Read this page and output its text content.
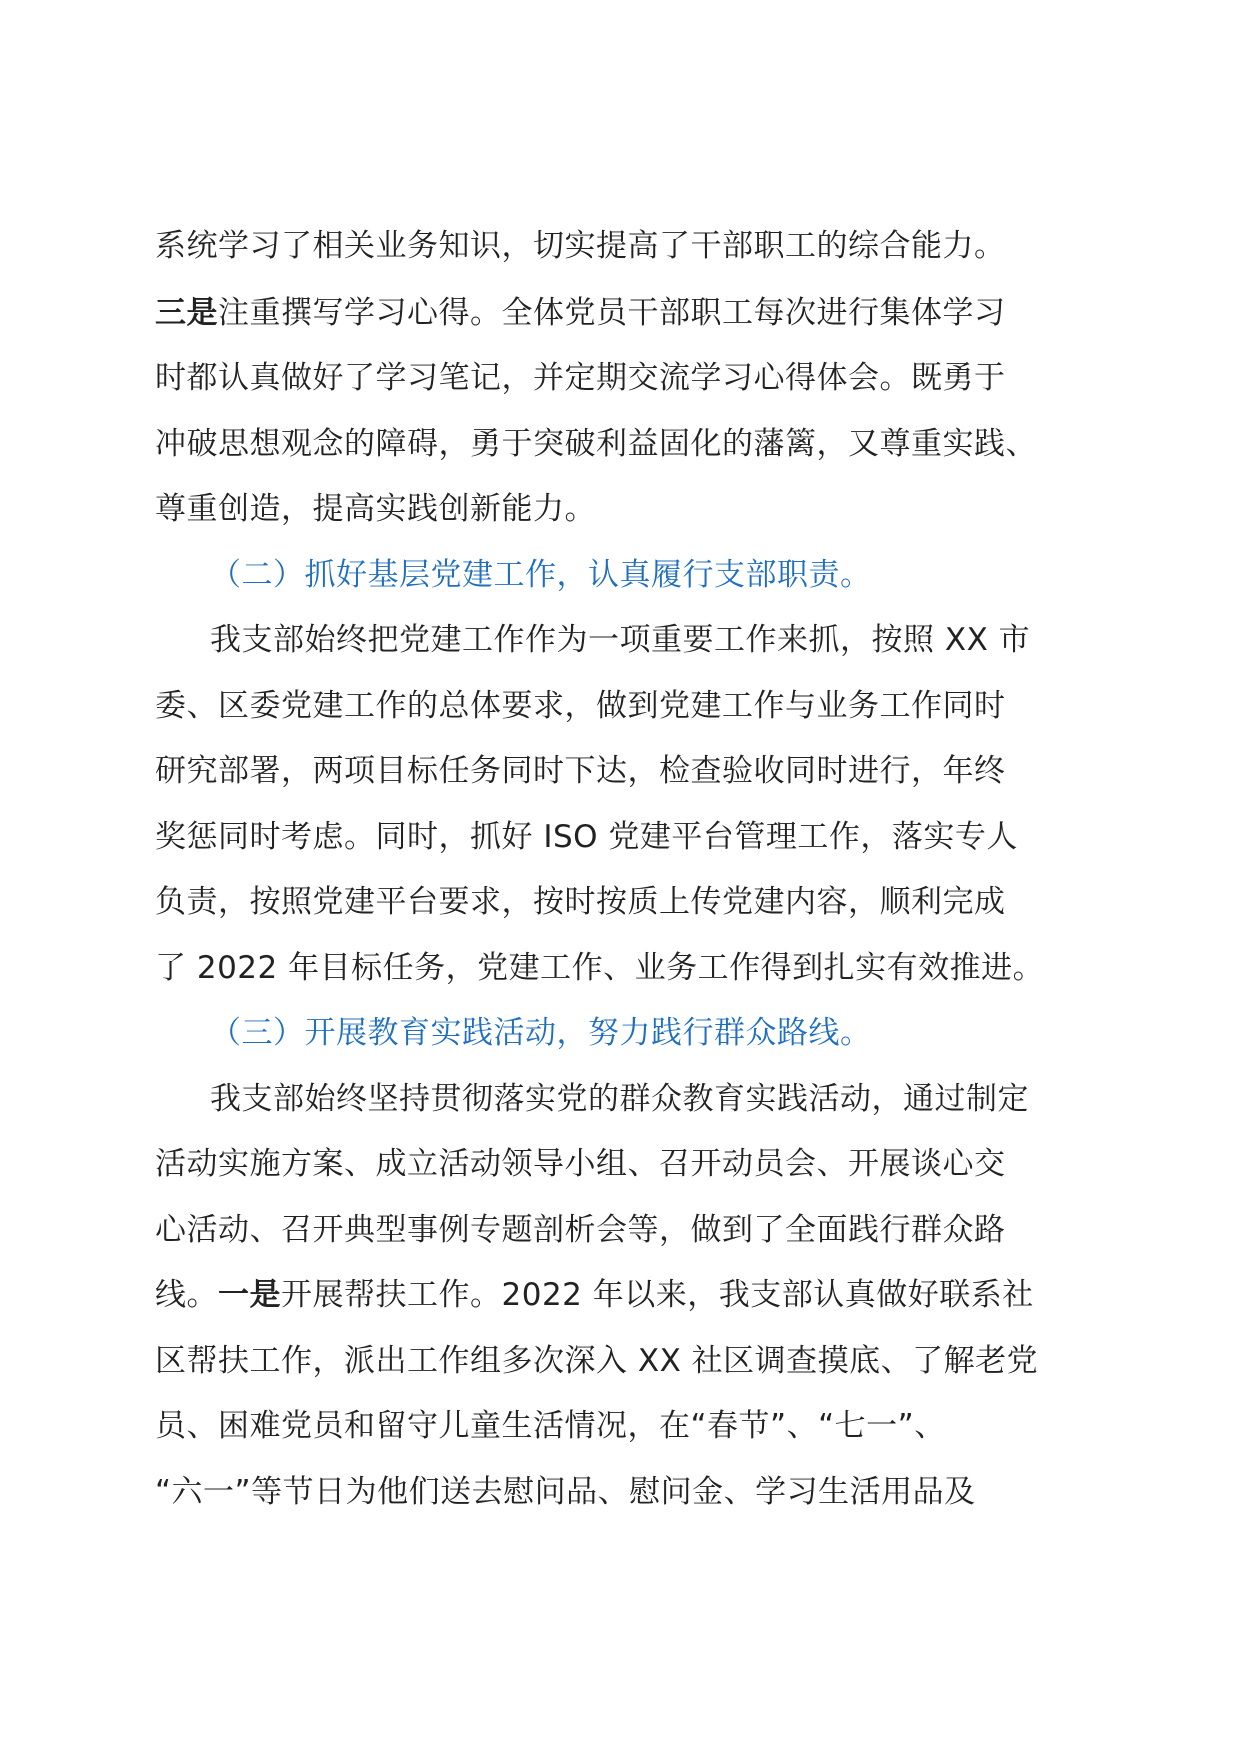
系统学习了相关业务知识，切实提高了干部职工的综合能力。
三是注重撰写学习心得。全体党员干部职工每次进行集体学习
时都认真做好了学习笔记，并定期交流学习心得体会。既勇于
冲破思想观念的障碍，勇于突破利益固化的藩篱，又尊重实践、
尊重创造，提高实践创新能力。
（二）抓好基层党建工作，认真履行支部职责。
我支部始终把党建工作作为一项重要工作来抓，按照 XX 市
委、区委党建工作的总体要求，做到党建工作与业务工作同时
研究部署，两项目标任务同时下达，检查验收同时进行，年终
奖惩同时考虑。同时，抓好 ISO 党建平台管理工作，落实专人
负责，按照党建平台要求，按时按质上传党建内容，顺利完成
了 2022 年目标任务，党建工作、业务工作得到扎实有效推进。
（三）开展教育实践活动，努力践行群众路线。
我支部始终坚持贯彻落实党的群众教育实践活动，通过制定
活动实施方案、成立活动领导小组、召开动员会、开展谈心交
心活动、召开典型事例专题剖析会等，做到了全面践行群众路
线。一是开展帮扶工作。2022 年以来，我支部认真做好联系社
区帮扶工作，派出工作组多次深入 XX 社区调查摸底、了解老党
员、困难党员和留守儿童生活情况，在“春节”、“七一”、
“六一”等节日为他们送去慰问品、慰问金、学习生活用品及
